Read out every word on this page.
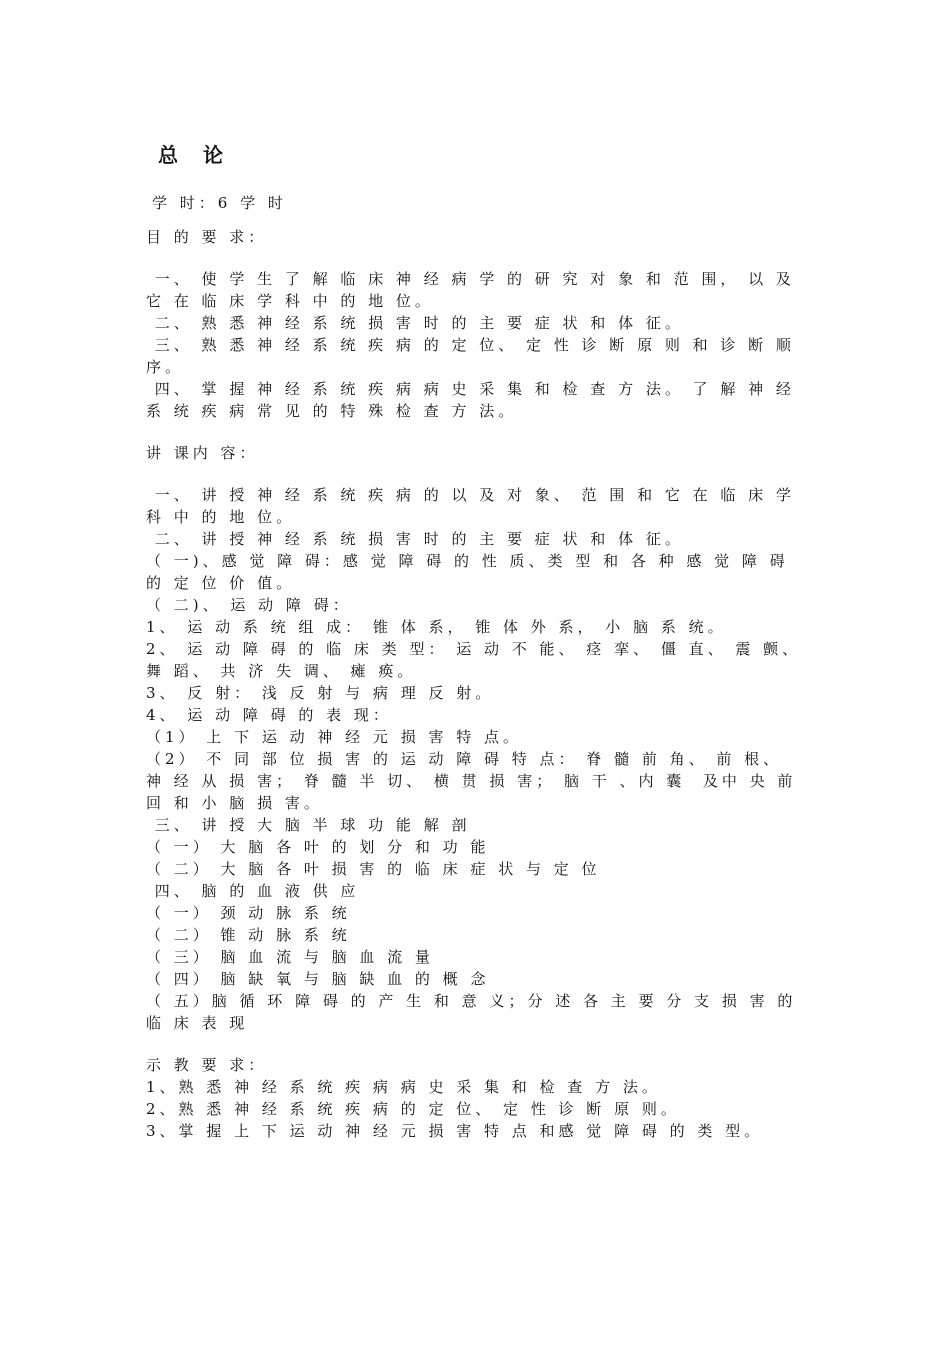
总 论
学 时：6 学 时
目 的 要 求：
一、 使 学 生 了 解 临 床 神 经 病 学 的 研 究 对 象 和 范 围， 以 及 它 在 临 床 学 科 中 的 地 位。
二、 熟 悉 神 经 系 统 损 害 时 的 主 要 症 状 和 体 征。
三、 熟 悉 神 经 系 统 疾 病 的 定 位、 定 性 诊 断 原 则 和 诊 断 顺 序。
四、 掌 握 神 经 系 统 疾 病 病 史 采 集 和 检 查 方 法。 了 解 神 经 系 统 疾 病 常 见 的 特 殊 检 查 方 法。
讲 课内 容：
一、 讲 授 神 经 系 统 疾 病 的 以 及 对 象、 范 围 和 它 在 临 床 学 科 中 的 地 位。
二、 讲 授 神 经 系 统 损 害 时 的 主 要 症 状 和 体 征。
（ 一)、感 觉 障 碍：感 觉 障 碍 的 性 质、类 型 和 各 种 感 觉 障 碍 的 定 位 价 值。
（ 二)、 运 动 障 碍：
1、 运 动 系 统 组 成： 锥 体 系， 锥 体 外 系， 小 脑 系 统。
2、 运 动 障 碍 的 临 床 类 型： 运 动 不 能、 痉 挛、 僵 直、 震 颤、 舞 蹈、 共 济 失 调、 瘫 痪。
3、 反 射： 浅 反 射 与 病 理 反 射。
4、 运 动 障 碍 的 表 现：
（1） 上 下 运 动 神 经 元 损 害 特 点。
（2） 不 同 部 位 损 害 的 运 动 障 碍 特 点： 脊 髓 前 角、 前 根、 神 经 从 损 害； 脊 髓 半 切、 横 贯 损 害； 脑 干 、内 囊  及中 央 前 回 和 小 脑 损 害。
三、 讲 授 大 脑 半 球 功 能 解 剖
（ 一） 大 脑 各 叶 的 划 分 和 功 能
（ 二） 大 脑 各 叶 损 害 的 临 床 症 状 与 定 位
四、 脑 的 血 液 供 应
（ 一） 颈 动 脉 系 统
（ 二） 锥 动 脉 系 统
（ 三） 脑 血 流 与 脑 血 流 量
（ 四） 脑 缺 氧 与 脑 缺 血 的 概 念
（ 五）脑 循 环 障 碍 的 产 生 和 意 义；分 述 各 主 要 分 支 损 害 的 临 床 表 现
示 教 要 求：
1、熟 悉 神 经 系 统 疾 病 病 史 采 集 和 检 查 方 法。
2、熟 悉 神 经 系 统 疾 病 的 定 位、 定 性 诊 断 原 则。
3、掌 握 上 下 运 动 神 经 元 损 害 特 点 和感 觉 障 碍 的 类 型。
